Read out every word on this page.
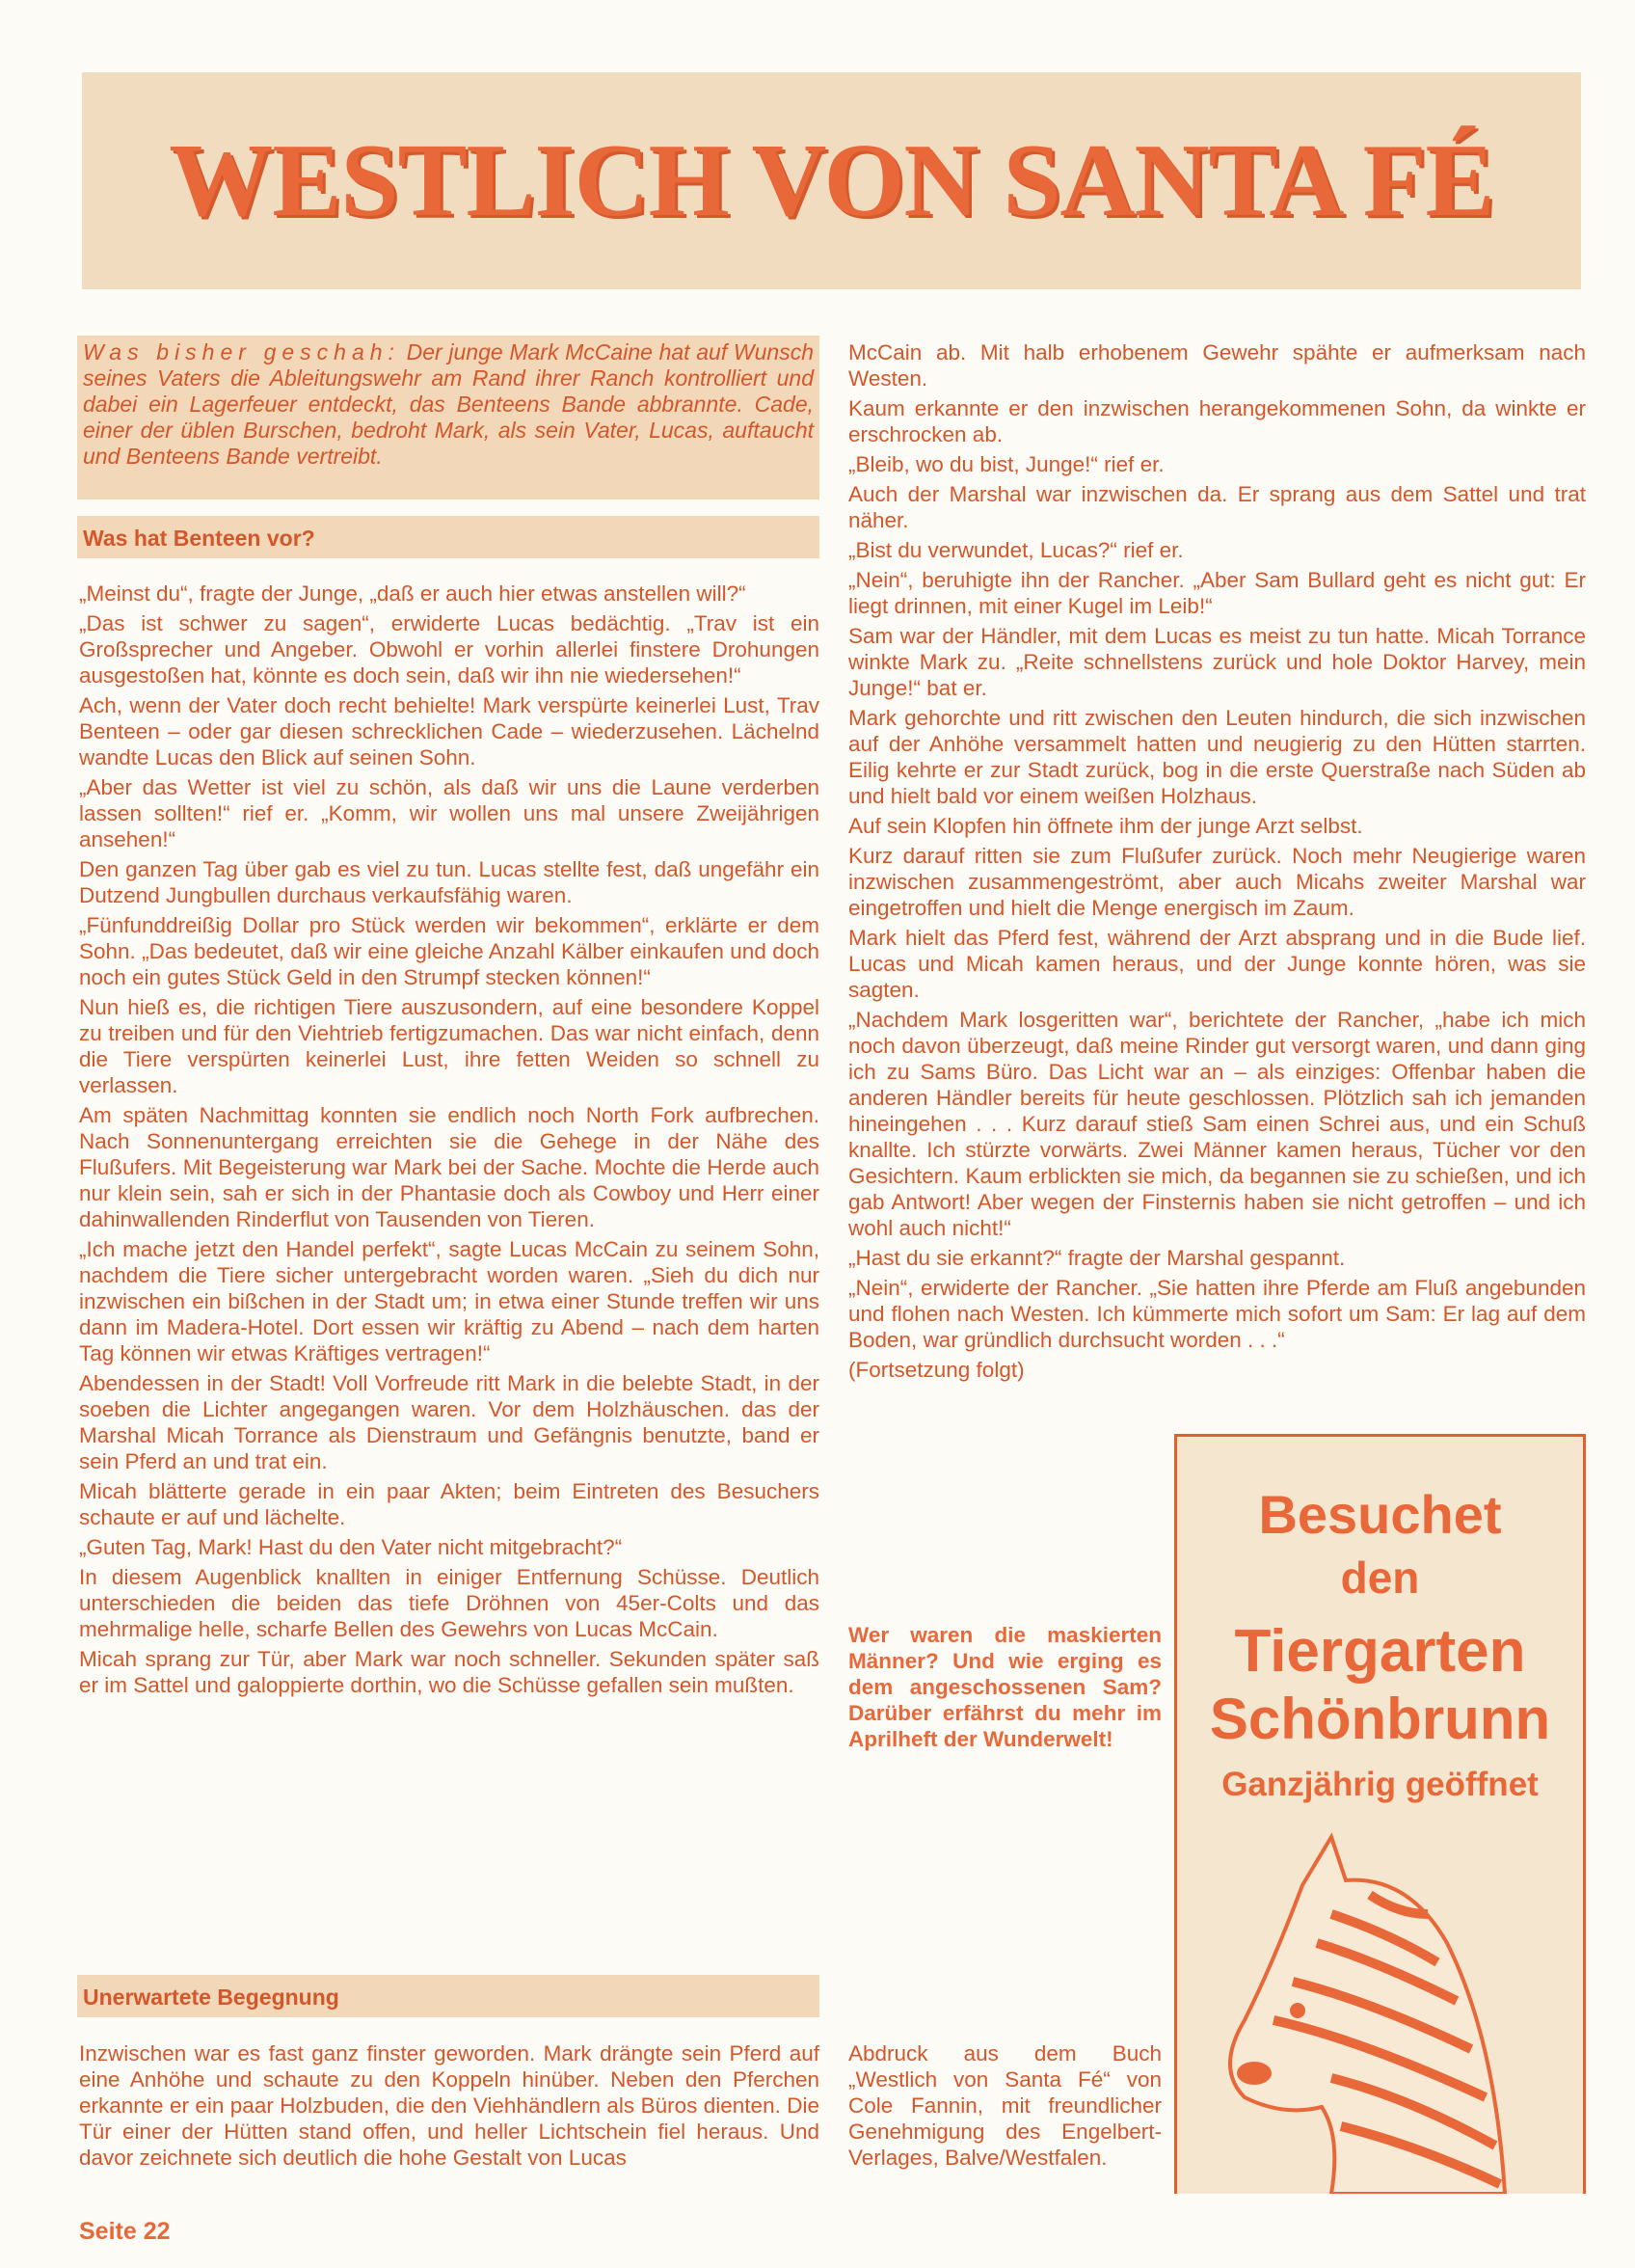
WESTLICH VON SANTA FÉ
Was bisher geschah: Der junge Mark McCaine hat auf Wunsch seines Vaters die Ableitungswehr am Rand ihrer Ranch kontrolliert und dabei ein Lagerfeuer entdeckt, das Benteens Bande abbrannte. Cade, einer der üblen Burschen, bedroht Mark, als sein Vater, Lucas, auftaucht und Benteens Bande vertreibt.
Was hat Benteen vor?

„Meinst du“, fragte der Junge, „daß er auch hier etwas anstellen will?“

„Das ist schwer zu sagen“, erwiderte Lucas bedächtig. „Trav ist ein Großsprecher und Angeber. Obwohl er vorhin allerlei finstere Drohungen ausgestoßen hat, könnte es doch sein, daß wir ihn nie wiedersehen!“

Ach, wenn der Vater doch recht behielte! Mark verspürte keinerlei Lust, Trav Benteen – oder gar diesen schrecklichen Cade – wiederzusehen. Lächelnd wandte Lucas den Blick auf seinen Sohn.

„Aber das Wetter ist viel zu schön, als daß wir uns die Laune verderben lassen sollten!“ rief er. „Komm, wir wollen uns mal unsere Zweijährigen ansehen!“

Den ganzen Tag über gab es viel zu tun. Lucas stellte fest, daß ungefähr ein Dutzend Jungbullen durchaus verkaufsfähig waren.

„Fünfunddreißig Dollar pro Stück werden wir bekommen“, erklärte er dem Sohn. „Das bedeutet, daß wir eine gleiche Anzahl Kälber einkaufen und doch noch ein gutes Stück Geld in den Strumpf stecken können!“

Nun hieß es, die richtigen Tiere auszusondern, auf eine besondere Koppel zu treiben und für den Viehtrieb fertigzumachen. Das war nicht einfach, denn die Tiere verspürten keinerlei Lust, ihre fetten Weiden so schnell zu verlassen.

Am späten Nachmittag konnten sie endlich noch North Fork aufbrechen. Nach Sonnenuntergang erreichten sie die Gehege in der Nähe des Flußufers. Mit Begeisterung war Mark bei der Sache. Mochte die Herde auch nur klein sein, sah er sich in der Phantasie doch als Cowboy und Herr einer dahinwallenden Rinderflut von Tausenden von Tieren.

„Ich mache jetzt den Handel perfekt“, sagte Lucas McCain zu seinem Sohn, nachdem die Tiere sicher untergebracht worden waren. „Sieh du dich nur inzwischen ein bißchen in der Stadt um; in etwa einer Stunde treffen wir uns dann im Madera-Hotel. Dort essen wir kräftig zu Abend – nach dem harten Tag können wir etwas Kräftiges vertragen!“

Abendessen in der Stadt! Voll Vorfreude ritt Mark in die belebte Stadt, in der soeben die Lichter angegangen waren. Vor dem Holzhäuschen. das der Marshal Micah Torrance als Dienstraum und Gefängnis benutzte, band er sein Pferd an und trat ein.

Micah blätterte gerade in ein paar Akten; beim Eintreten des Besuchers schaute er auf und lächelte.

„Guten Tag, Mark! Hast du den Vater nicht mitgebracht?“

In diesem Augenblick knallten in einiger Entfernung Schüsse. Deutlich unterschieden die beiden das tiefe Dröhnen von 45er-Colts und das mehrmalige helle, scharfe Bellen des Gewehrs von Lucas McCain.

Micah sprang zur Tür, aber Mark war noch schneller. Sekunden später saß er im Sattel und galoppierte dorthin, wo die Schüsse gefallen sein mußten.

Unerwartete Begegnung

Inzwischen war es fast ganz finster geworden. Mark drängte sein Pferd auf eine Anhöhe und schaute zu den Koppeln hinüber. Neben den Pferchen erkannte er ein paar Holzbuden, die den Viehhändlern als Büros dienten. Die Tür einer der Hütten stand offen, und heller Lichtschein fiel heraus. Und davor zeichnete sich deutlich die hohe Gestalt von Lucas

McCain ab. Mit halb erhobenem Gewehr spähte er aufmerksam nach Westen.

Kaum erkannte er den inzwischen herangekommenen Sohn, da winkte er erschrocken ab.

„Bleib, wo du bist, Junge!“ rief er.

Auch der Marshal war inzwischen da. Er sprang aus dem Sattel und trat näher.

„Bist du verwundet, Lucas?“ rief er.

„Nein“, beruhigte ihn der Rancher. „Aber Sam Bullard geht es nicht gut: Er liegt drinnen, mit einer Kugel im Leib!“

Sam war der Händler, mit dem Lucas es meist zu tun hatte. Micah Torrance winkte Mark zu. „Reite schnellstens zurück und hole Doktor Harvey, mein Junge!“ bat er.

Mark gehorchte und ritt zwischen den Leuten hindurch, die sich inzwischen auf der Anhöhe versammelt hatten und neugierig zu den Hütten starrten. Eilig kehrte er zur Stadt zurück, bog in die erste Querstraße nach Süden ab und hielt bald vor einem weißen Holzhaus.

Auf sein Klopfen hin öffnete ihm der junge Arzt selbst.

Kurz darauf ritten sie zum Flußufer zurück. Noch mehr Neugierige waren inzwischen zusammengeströmt, aber auch Micahs zweiter Marshal war eingetroffen und hielt die Menge energisch im Zaum.

Mark hielt das Pferd fest, während der Arzt absprang und in die Bude lief. Lucas und Micah kamen heraus, und der Junge konnte hören, was sie sagten.

„Nachdem Mark losgeritten war“, berichtete der Rancher, „habe ich mich noch davon überzeugt, daß meine Rinder gut versorgt waren, und dann ging ich zu Sams Büro. Das Licht war an – als einziges: Offenbar haben die anderen Händler bereits für heute geschlossen. Plötzlich sah ich jemanden hineingehen . . . Kurz darauf stieß Sam einen Schrei aus, und ein Schuß knallte. Ich stürzte vorwärts. Zwei Männer kamen heraus, Tücher vor den Gesichtern. Kaum erblickten sie mich, da begannen sie zu schießen, und ich gab Antwort! Aber wegen der Finsternis haben sie nicht getroffen – und ich wohl auch nicht!“

„Hast du sie erkannt?“ fragte der Marshal gespannt.

„Nein“, erwiderte der Rancher. „Sie hatten ihre Pferde am Fluß angebunden und flohen nach Westen. Ich kümmerte mich sofort um Sam: Er lag auf dem Boden, war gründlich durchsucht worden . . .“

(Fortsetzung folgt)

Wer waren die maskierten Männer? Und wie erging es dem angeschossenen Sam? Darüber erfährst du mehr im Aprilheft der Wunderwelt!
Abdruck aus dem Buch „Westlich von Santa Fé“ von Cole Fannin, mit freundlicher Genehmigung des Engelbert-Verlages, Balve/Westfalen.
Besuchet
den
Tiergarten
Schönbrunn
Ganzjährig geöffnet
Seite 22
